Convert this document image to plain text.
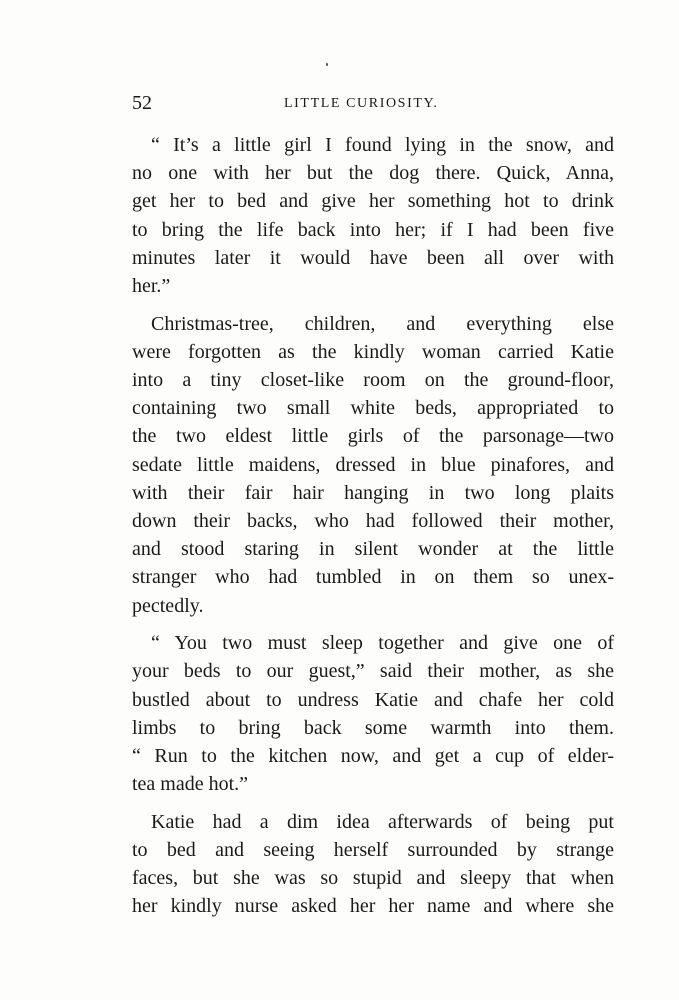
52	LITTLE CURIOSITY.
“ It’s a little girl I found lying in the snow, and
no one with her but the dog there. Quick, Anna,
get her to bed and give her something hot to drink
to bring the life back into her; if I had been five
minutes later it would have been all over with
her.”
Christmas-tree, children, and everything else
were forgotten as the kindly woman carried Katie
into a tiny closet-like room on the ground-floor,
containing two small white beds, appropriated to
the two eldest little girls of the parsonage—two
sedate little maidens, dressed in blue pinafores, and
with their fair hair hanging in two long plaits
down their backs, who had followed their mother,
and stood staring in silent wonder at the little
stranger who had tumbled in on them so unex-
pectedly.
“ You two must sleep together and give one of
your beds to our guest,” said their mother, as she
bustled about to undress Katie and chafe her cold
limbs to bring back some warmth into them.
“ Run to the kitchen now, and get a cup of elder-
tea made hot.”
Katie had a dim idea afterwards of being put
to bed and seeing herself surrounded by strange
faces, but she was so stupid and sleepy that when
her kindly nurse asked her her name and where she
